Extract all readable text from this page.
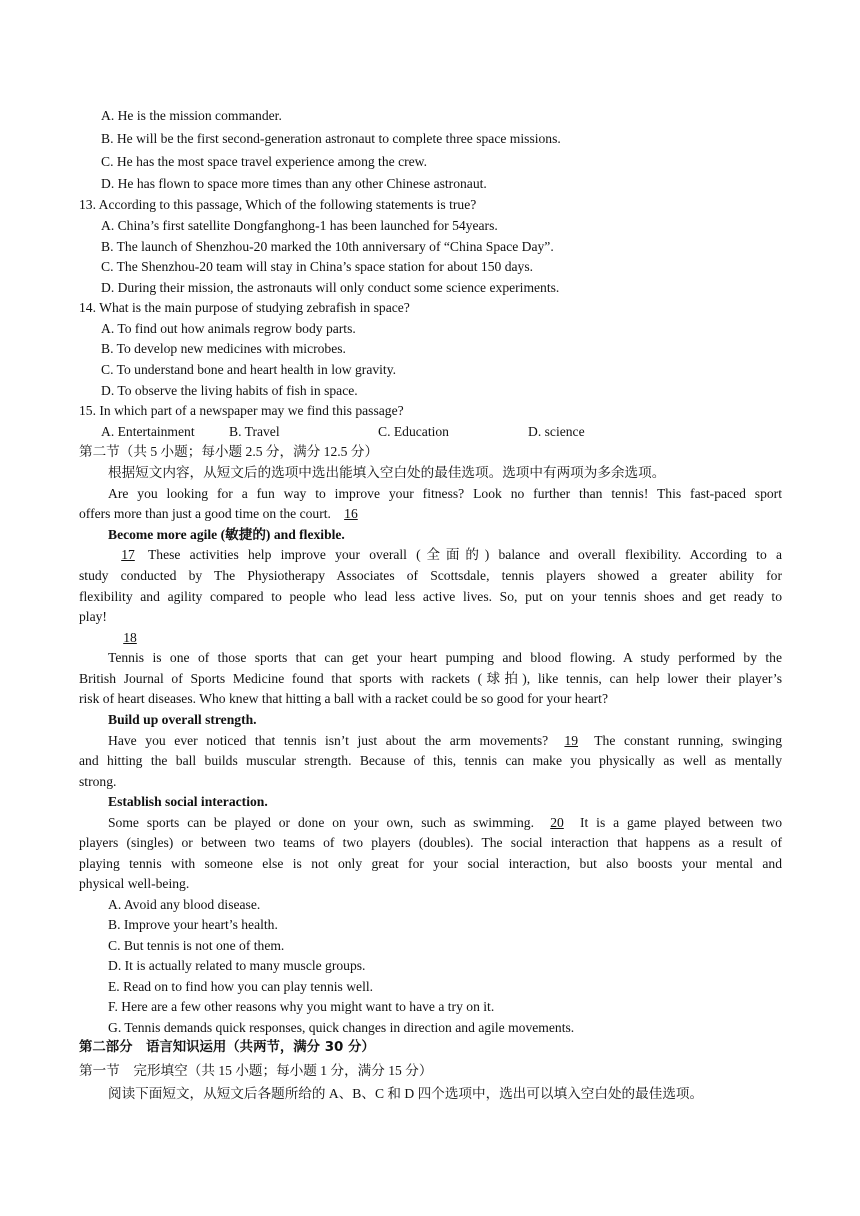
A. He is the mission commander.
B. He will be the first second-generation astronaut to complete three space missions.
C. He has the most space travel experience among the crew.
D. He has flown to space more times than any other Chinese astronaut.
13. According to this passage, Which of the following statements is true?
A. China’s first satellite Dongfanghong-1 has been launched for 54years.
B. The launch of Shenzhou-20 marked the 10th anniversary of “China Space Day”.
C. The Shenzhou-20 team will stay in China’s space station for about 150 days.
D. During their mission, the astronauts will only conduct some science experiments.
14. What is the main purpose of studying zebrafish in space?
A. To find out how animals regrow body parts.
B. To develop new medicines with microbes.
C. To understand bone and heart health in low gravity.
D. To observe the living habits of fish in space.
15. In which part of a newspaper may we find this passage?
A. Entertainment	B. Travel	C. Education	D. science
第二节（共 5 小题；每小题 2.5 分，满分 12.5 分）
根据短文内容，从短文后的选项中选出能填入空白处的最佳选项。选项中有两项为多余选项。
Are you looking for a fun way to improve your fitness? Look no further than tennis! This fast-paced sport
offers more than just a good time on the court. 16
Become more agile (敏捷的) and flexible.
17 These activities help improve your overall (全面的) balance and overall flexibility. According to a
study conducted by The Physiotherapy Associates of Scottsdale, tennis players showed a greater ability for
flexibility and agility compared to people who lead less active lives. So, put on your tennis shoes and get ready to
play!
18
Tennis is one of those sports that can get your heart pumping and blood flowing. A study performed by the
British Journal of Sports Medicine found that sports with rackets (球拍), like tennis, can help lower their player’s
risk of heart diseases. Who knew that hitting a ball with a racket could be so good for your heart?
Build up overall strength.
Have you ever noticed that tennis isn’t just about the arm movements? 19 The constant running, swinging
and hitting the ball builds muscular strength. Because of this, tennis can make you physically as well as mentally
strong.
Establish social interaction.
Some sports can be played or done on your own, such as swimming. 20 It is a game played between two
players (singles) or between two teams of two players (doubles). The social interaction that happens as a result of
playing tennis with someone else is not only great for your social interaction, but also boosts your mental and
physical well-being.
A. Avoid any blood disease.
B. Improve your heart’s health.
C. But tennis is not one of them.
D. It is actually related to many muscle groups.
E. Read on to find how you can play tennis well.
F. Here are a few other reasons why you might want to have a try on it.
G. Tennis demands quick responses, quick changes in direction and agile movements.
第二部分　语言知识运用（共两节，满分 30 分）
第一节　完形填空（共 15 小题；每小题 1 分，满分 15 分）
阅读下面短文，从短文后各题所给的 A、B、C 和 D 四个选项中，选出可以填入空白处的最佳选项。
